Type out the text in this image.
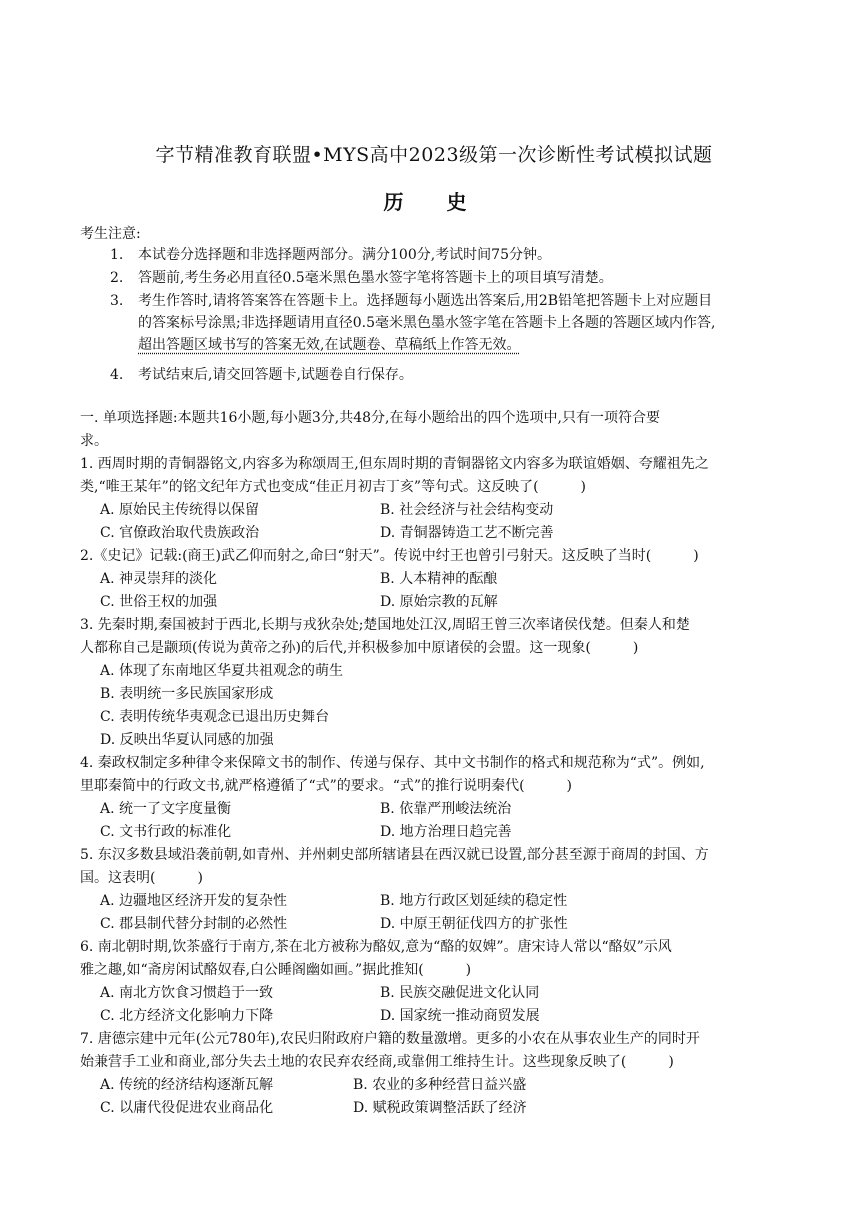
字节精准教育联盟•MYS高中2023级第一次诊断性考试模拟试题
历 史
考生注意:
1. 本试卷分选择题和非选择题两部分。满分100分,考试时间75分钟。
2. 答题前,考生务必用直径0.5毫米黑色墨水签字笔将答题卡上的项目填写清楚。
3. 考生作答时,请将答案答在答题卡上。选择题每小题选出答案后,用2B铅笔把答题卡上对应题目
的答案标号涂黑;非选择题请用直径0.5毫米黑色墨水签字笔在答题卡上各题的答题区域内作答,
超出答题区域书写的答案无效,在试题卷、草稿纸上作答无效。
4. 考试结束后,请交回答题卡,试题卷自行保存。
一. 单项选择题:本题共16小题,每小题3分,共48分,在每小题给出的四个选项中,只有一项符合要
求。
1. 西周时期的青铜器铭文,内容多为称颂周王,但东周时期的青铜器铭文内容多为联谊婚姻、夸耀祖先之
类,“唯王某年”的铭文纪年方式也变成“佳正月初吉丁亥”等句式。这反映了(　　　)
A. 原始民主传统得以保留	B. 社会经济与社会结构变动
C. 官僚政治取代贵族政治	D. 青铜器铸造工艺不断完善
2.《史记》记载:(商王)武乙仰而射之,命曰“射天”。传说中纣王也曾引弓射天。这反映了当时(　　　)
A. 神灵崇拜的淡化	B. 人本精神的酝酿
C. 世俗王权的加强	D. 原始宗教的瓦解
3. 先秦时期,秦国被封于西北,长期与戎狄杂处;楚国地处江汉,周昭王曾三次率诸侯伐楚。但秦人和楚
人都称自己是颛顼(传说为黄帝之孙)的后代,并积极参加中原诸侯的会盟。这一现象(　　　)
A. 体现了东南地区华夏共祖观念的萌生
B. 表明统一多民族国家形成
C. 表明传统华夷观念已退出历史舞台
D. 反映出华夏认同感的加强
4. 秦政权制定多种律令来保障文书的制作、传递与保存、其中文书制作的格式和规范称为“式”。例如,
里耶秦简中的行政文书,就严格遵循了“式”的要求。“式”的推行说明秦代(　　　)
A. 统一了文字度量衡	B. 依靠严刑峻法统治
C. 文书行政的标准化	D. 地方治理日趋完善
5. 东汉多数县域沿袭前朝,如青州、并州刺史部所辖诸县在西汉就已设置,部分甚至源于商周的封国、方
国。这表明(　　　)
A. 边疆地区经济开发的复杂性	B. 地方行政区划延续的稳定性
C. 郡县制代替分封制的必然性	D. 中原王朝征伐四方的扩张性
6. 南北朝时期,饮茶盛行于南方,茶在北方被称为酪奴,意为“酪的奴婢”。唐宋诗人常以“酪奴”示风
雅之趣,如“斋房闲试酪奴春,白公睡阁幽如画。”据此推知(　　　)
A. 南北方饮食习惯趋于一致	B. 民族交融促进文化认同
C. 北方经济文化影响力下降	D. 国家统一推动商贸发展
7. 唐德宗建中元年(公元780年),农民归附政府户籍的数量激增。更多的小农在从事农业生产的同时开
始兼营手工业和商业,部分失去土地的农民弃农经商,或靠佣工维持生计。这些现象反映了(　　　)
A. 传统的经济结构逐渐瓦解	B. 农业的多种经营日益兴盛
C. 以庸代役促进农业商品化	D. 赋税政策调整活跃了经济
